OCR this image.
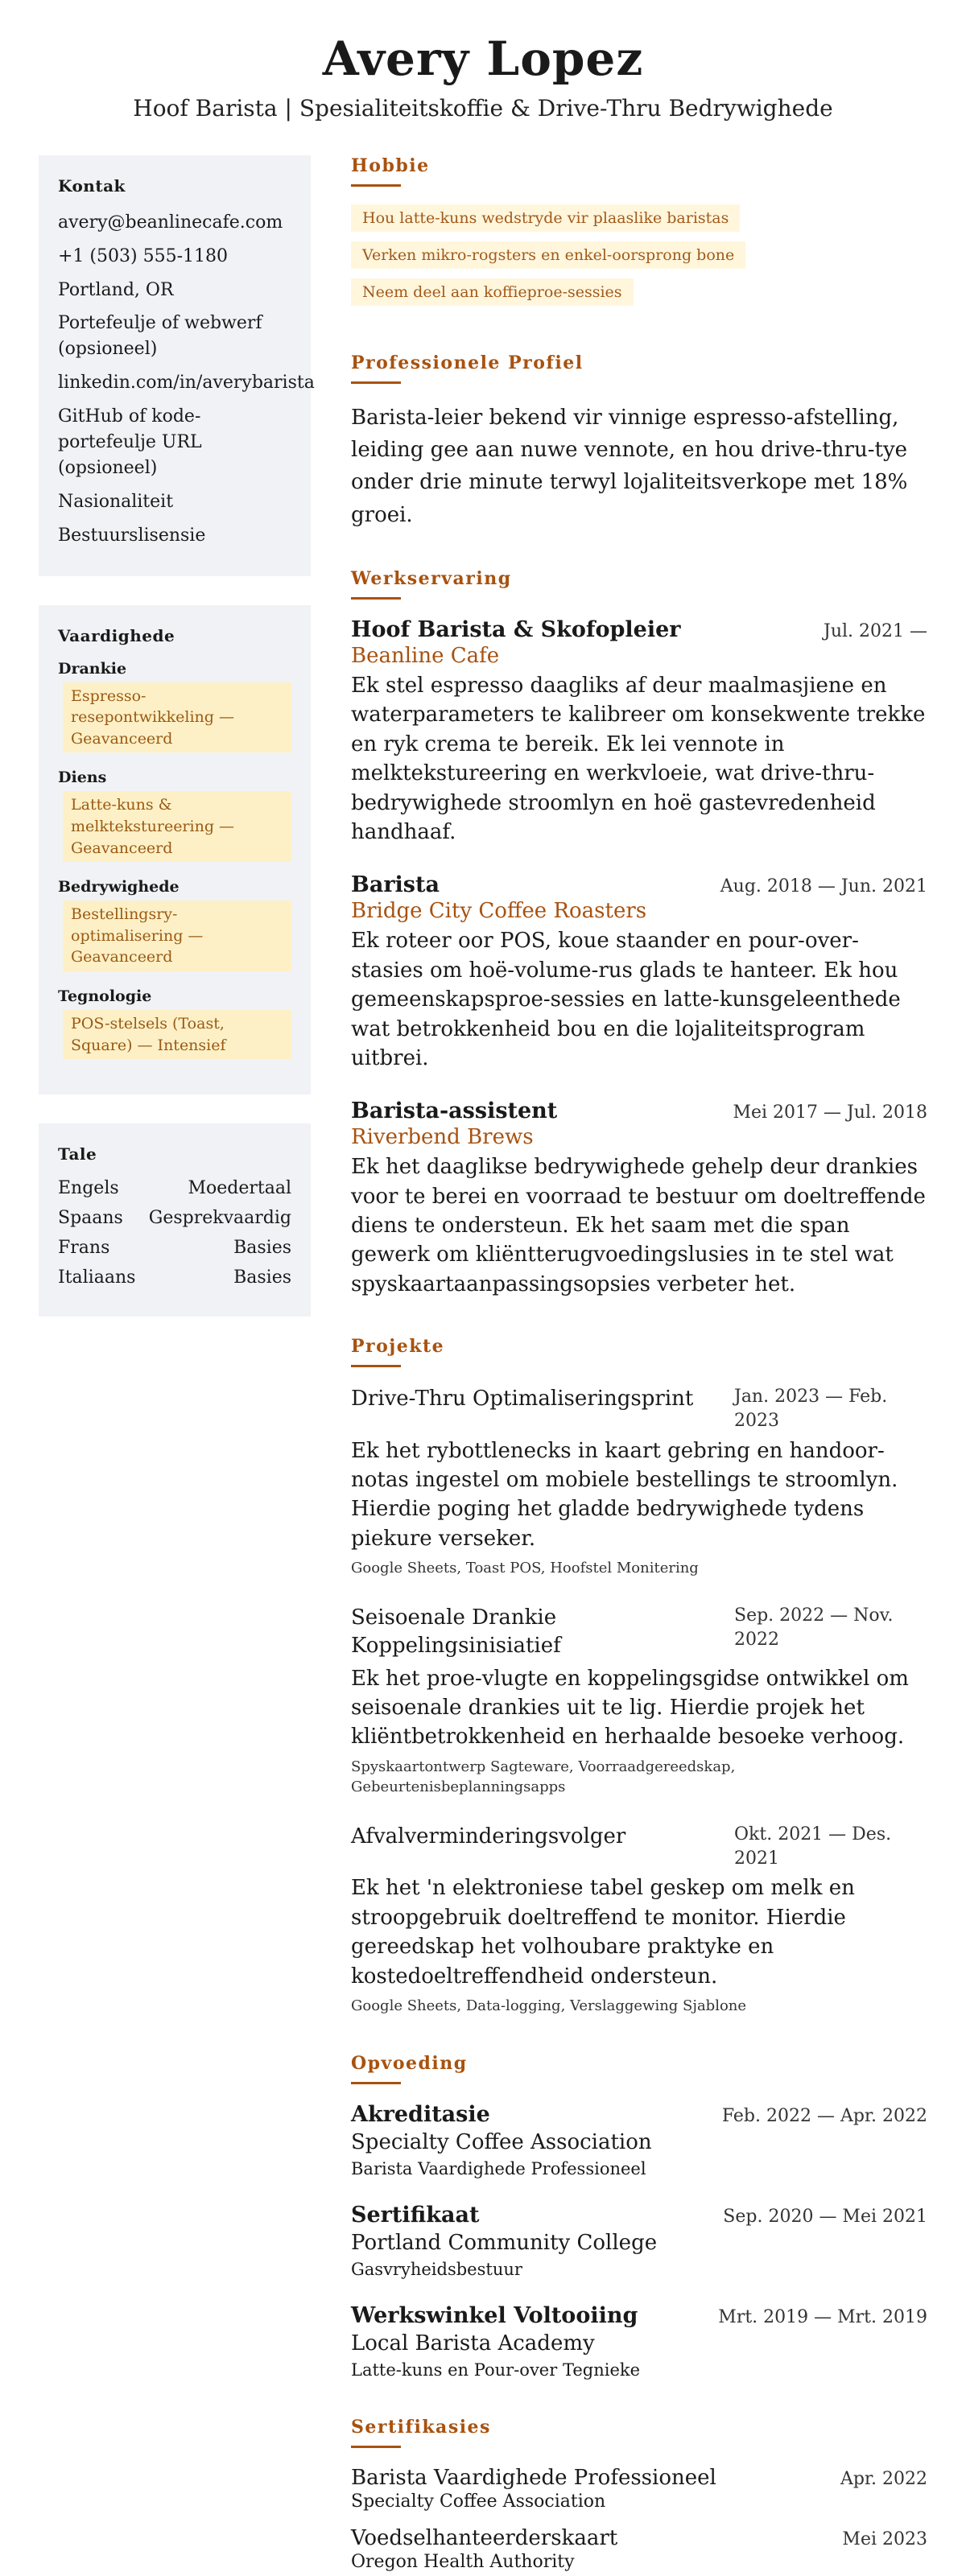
Avery Lopez
Hoof Barista | Spesialiteitskoffie & Drive-Thru Bedrywighede
Kontak
avery@beanlinecafe.com
+1 (503) 555-1180
Portland, OR
Portefeulje of webwerf (opsioneel)
linkedin.com/in/averybarista
GitHub of kode-portefeulje URL (opsioneel)
Nasionaliteit
Bestuurslisensie
Vaardighede
Drankie
Espresso-resepontwikkeling — Geavanceerd
Diens
Latte-kuns & melktekstureering — Geavanceerd
Bedrywighede
Bestellingsry-optimalisering — Geavanceerd
Tegnologie
POS-stelsels (Toast, Square) — Intensief
Tale
Engels	Moedertaal
Spaans Gesprekvaardig
Frans	Basies
Italiaans	Basies
Hobbie
Hou latte-kuns wedstryde vir plaaslike baristas
Verken mikro-rogsters en enkel-oorsprong bone
Neem deel aan koffieproe-sessies
Professionele Profiel

Barista-leier bekend vir vinnige espresso-afstelling, leiding gee aan nuwe vennote, en hou drive-thru-tye onder drie minute terwyl lojaliteitsverkope met 18% groei.

Werkservaring
Hoof Barista & Skofopleier	Jul. 2021 —
Beanline Cafe

Ek stel espresso daagliks af deur maalmasjiene en waterparameters te kalibreer om konsekwente trekke en ryk crema te bereik. Ek lei vennote in melktekstureering en werkvloeie, wat drive-thru-bedrywighede stroomlyn en hoë gastevredenheid handhaaf.

Barista	Aug. 2018 — Jun. 2021
Bridge City Coffee Roasters

Ek roteer oor POS, koue staander en pour-over-stasies om hoë-volume-rus glads te hanteer. Ek hou gemeenskapsproe-sessies en latte-kunsgeleenthede wat betrokkenheid bou en die lojaliteitsprogram uitbrei.

Barista-assistent	Mei 2017 — Jul. 2018
Riverbend Brews

Ek het daaglikse bedrywighede gehelp deur drankies voor te berei en voorraad te bestuur om doeltreffende diens te ondersteun. Ek het saam met die span gewerk om kliëntterugvoedingslusies in te stel wat spyskaartaanpassingsopsies verbeter het.

Projekte
Drive-Thru Optimaliseringsprint Jan. 2023 — Feb. 2023

Ek het rybottlenecks in kaart gebring en handoor-notas ingestel om mobiele bestellings te stroomlyn. Hierdie poging het gladde bedrywighede tydens piekure verseker.

Google Sheets, Toast POS, Hoofstel Monitering
Seisoenale Drankie Koppelingsinisiatief
Sep. 2022 — Nov. 2022

Ek het proe-vlugte en koppelingsgidse ontwikkel om seisoenale drankies uit te lig. Hierdie projek het kliëntbetrokkenheid en herhaalde besoeke verhoog.

Spyskaartontwerp Sagteware, Voorraadgereedskap, Gebeurtenisbeplanningsapps
Afvalverminderingsvolger	Okt. 2021 — Des. 2021

Ek het 'n elektroniese tabel geskep om melk en stroopgebruik doeltreffend te monitor. Hierdie gereedskap het volhoubare praktyke en kostedoeltreffendheid ondersteun.

Google Sheets, Data-logging, Verslaggewing Sjablone
Opvoeding
Akreditasie	Feb. 2022 — Apr. 2022
Specialty Coffee Association
Barista Vaardighede Professioneel
Sertifikaat	Sep. 2020 — Mei 2021
Portland Community College
Gasvryheidsbestuur
Werkswinkel Voltooiing	Mrt. 2019 — Mrt. 2019
Local Barista Academy
Latte-kuns en Pour-over Tegnieke
Sertifikasies
Barista Vaardighede Professioneel	Apr. 2022
Specialty Coffee Association
Voedselhanteerderskaart	Mei 2023
Oregon Health Authority
